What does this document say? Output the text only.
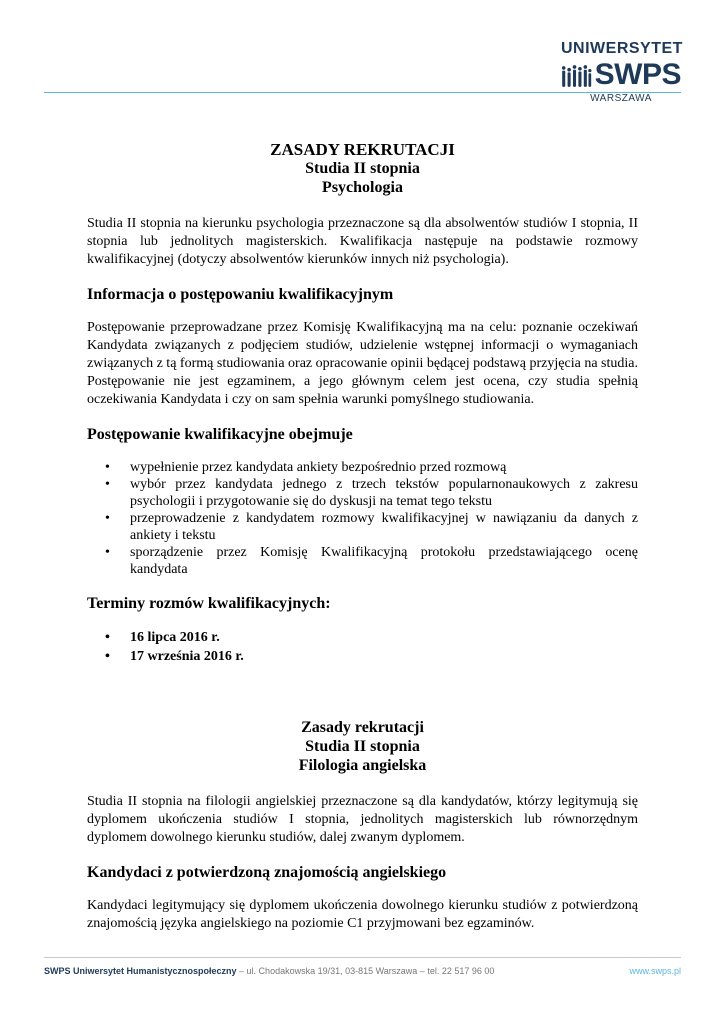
UNIWERSYTET
SWPS
WARSZAWA
ZASADY REKRUTACJI
Studia II stopnia
Psychologia

Studia II stopnia na kierunku psychologia przeznaczone są dla absolwentów studiów I stopnia, II stopnia lub jednolitych magisterskich. Kwalifikacja następuje na podstawie rozmowy kwalifikacyjnej (dotyczy absolwentów kierunków innych niż psychologia).

Informacja o postępowaniu kwalifikacyjnym

Postępowanie przeprowadzane przez Komisję Kwalifikacyjną ma na celu: poznanie oczekiwań Kandydata związanych z podjęciem studiów, udzielenie wstępnej informacji o wymaganiach związanych z tą formą studiowania oraz opracowanie opinii będącej podstawą przyjęcia na studia. Postępowanie nie jest egzaminem, a jego głównym celem jest ocena, czy studia spełnią oczekiwania Kandydata i czy on sam spełnia warunki pomyślnego studiowania.

Postępowanie kwalifikacyjne obejmuje
• wypełnienie przez kandydata ankiety bezpośrednio przed rozmową
• wybór przez kandydata jednego z trzech tekstów popularnonaukowych z zakresu psychologii i przygotowanie się do dyskusji na temat tego tekstu
• przeprowadzenie z kandydatem rozmowy kwalifikacyjnej w nawiązaniu da danych z ankiety i tekstu
• sporządzenie przez Komisję Kwalifikacyjną protokołu przedstawiającego ocenę kandydata
Terminy rozmów kwalifikacyjnych:
• 16 lipca 2016 r.
• 17 września 2016 r.
Zasady rekrutacji
Studia II stopnia
Filologia angielska

Studia II stopnia na filologii angielskiej przeznaczone są dla kandydatów, którzy legitymują się dyplomem ukończenia studiów I stopnia, jednolitych magisterskich lub równorzędnym dyplomem dowolnego kierunku studiów, dalej zwanym dyplomem.

Kandydaci z potwierdzoną znajomością angielskiego

Kandydaci legitymujący się dyplomem ukończenia dowolnego kierunku studiów z potwierdzoną znajomością języka angielskiego na poziomie C1 przyjmowani bez egzaminów.

SWPS Uniwersytet Humanistycznospołeczny – ul. Chodakowska 19/31, 03-815 Warszawa – tel. 22 517 96 00	www.swps.pl
